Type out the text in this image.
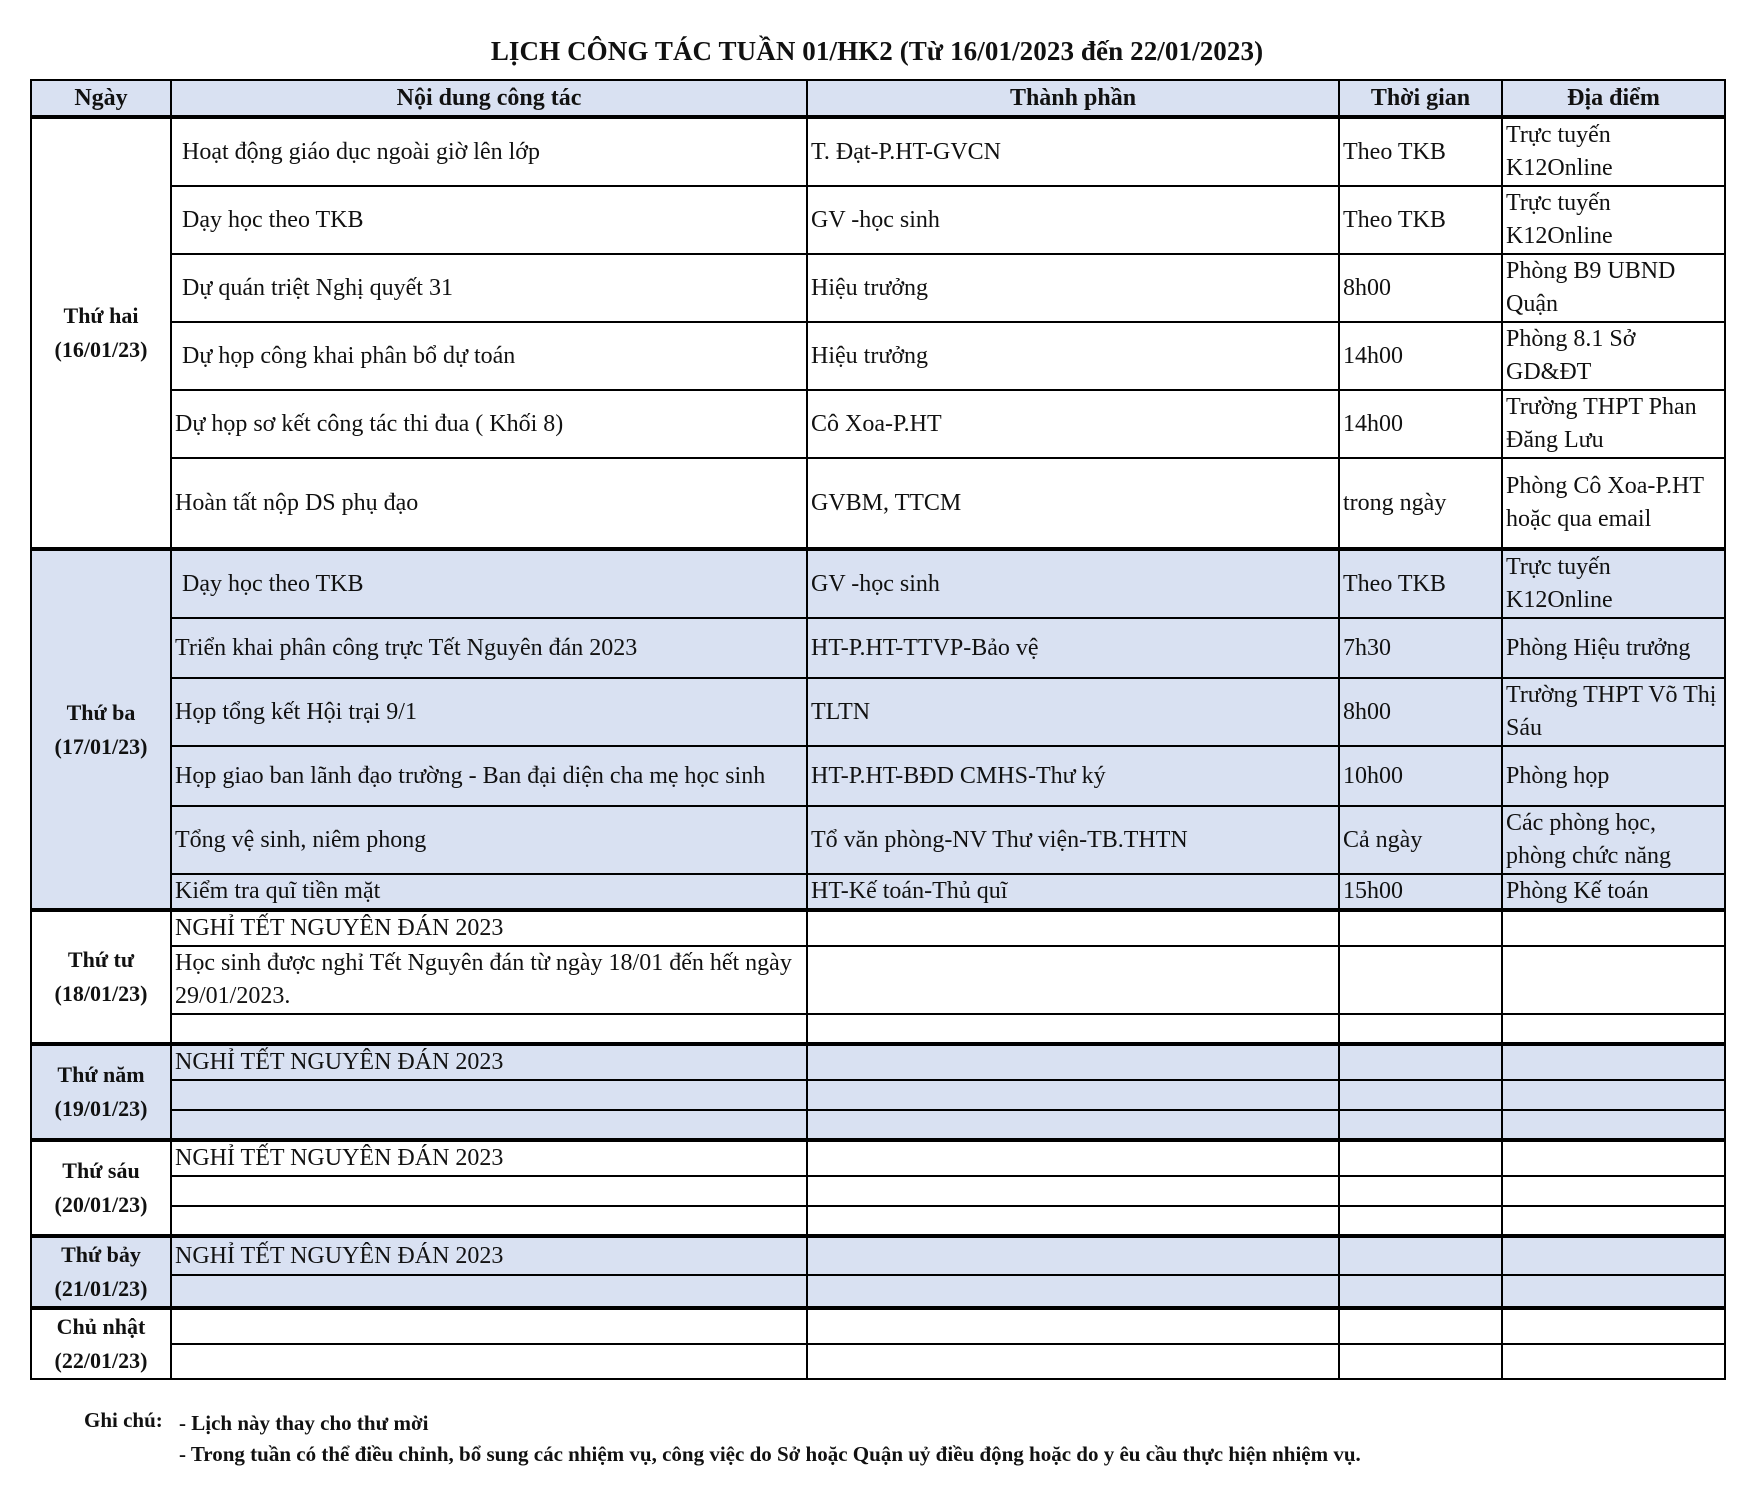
LỊCH CÔNG TÁC TUẦN 01/HK2 (Từ 16/01/2023 đến 22/01/2023)
Ngày	Nội dung công tác	Thành phần	Thời gian	Địa điểm

Thứ hai
(16/01/23)	Hoạt động giáo dục ngoài giờ lên lớp	T. Đạt-P.HT-GVCN	Theo TKB	Trực tuyến K12Online
	Dạy học theo TKB	GV -học sinh	Theo TKB	Trực tuyến K12Online
	Dự quán triệt Nghị quyết 31	Hiệu trưởng	8h00	Phòng B9 UBND Quận
	Dự họp công khai phân bổ dự toán	Hiệu trưởng	14h00	Phòng 8.1 Sở GD&ĐT
	Dự họp sơ kết công tác thi đua ( Khối 8)	Cô Xoa-P.HT	14h00	Trường THPT Phan Đăng Lưu
	Hoàn tất nộp DS phụ đạo	GVBM, TTCM	trong ngày	Phòng Cô Xoa-P.HT hoặc qua email

Thứ ba
(17/01/23)	Dạy học theo TKB	GV -học sinh	Theo TKB	Trực tuyến K12Online
	Triển khai phân công trực Tết Nguyên đán 2023	HT-P.HT-TTVP-Bảo vệ	7h30	Phòng Hiệu trưởng
	Họp tổng kết Hội trại 9/1	TLTN	8h00	Trường THPT Võ Thị Sáu
	Họp giao ban lãnh đạo trường - Ban đại diện cha mẹ học sinh	HT-P.HT-BĐD CMHS-Thư ký	10h00	Phòng họp
	Tổng vệ sinh, niêm phong	Tổ văn phòng-NV Thư viện-TB.THTN	Cả ngày	Các phòng học, phòng chức năng
	Kiểm tra quĩ tiền mặt	HT-Kế toán-Thủ quĩ	15h00	Phòng Kế toán

Thứ tư
(18/01/23)	NGHỈ TẾT NGUYÊN ĐÁN 2023			
	Học sinh được nghỉ Tết Nguyên đán từ ngày 18/01 đến hết ngày 29/01/2023.			

Thứ năm
(19/01/23)	NGHỈ TẾT NGUYÊN ĐÁN 2023			

Thứ sáu
(20/01/23)	NGHỈ TẾT NGUYÊN ĐÁN 2023			

Thứ bảy
(21/01/23)	NGHỈ TẾT NGUYÊN ĐÁN 2023			

Chủ nhật
(22/01/23)				

Ghi chú: - Lịch này thay cho thư mời
- Trong tuần có thể điều chỉnh, bổ sung các nhiệm vụ, công việc do Sở hoặc Quận uỷ điều động hoặc do y êu cầu thực hiện nhiệm vụ.
